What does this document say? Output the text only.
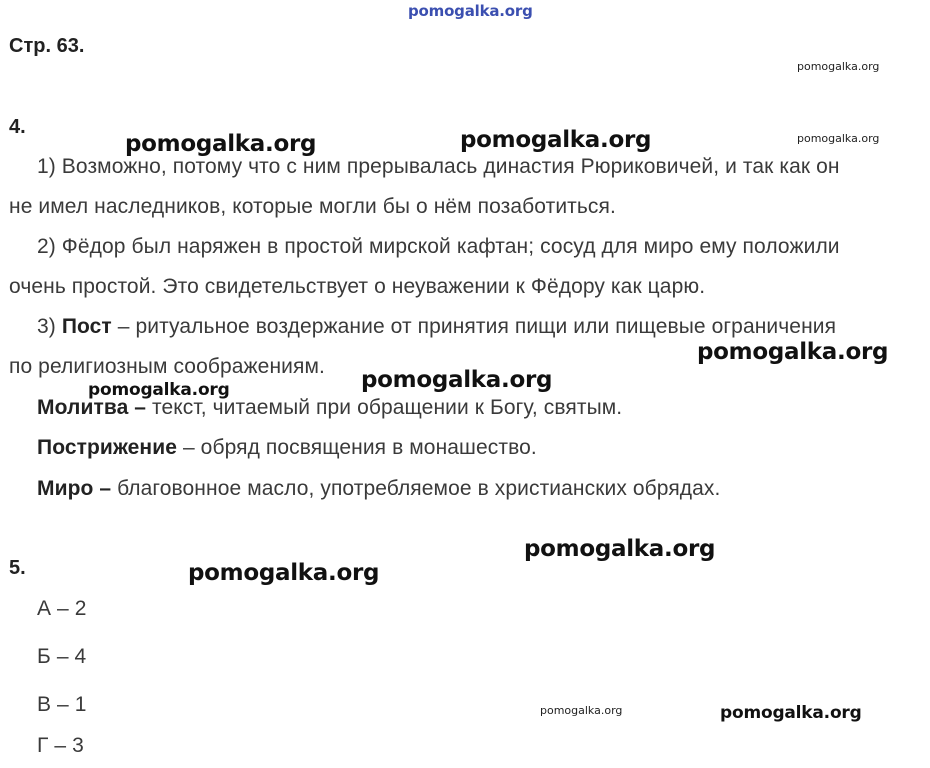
pomogalka.org
Стр. 63.
pomogalka.org
pomogalka.org
4.
1) Возможно, потому что с ним прерывалась династия Рюриковичей, и так как он
не имел наследников, которые могли бы о нём позаботиться.
2) Фёдор был наряжен в простой мирской кафтан; сосуд для миро ему положили
очень простой. Это свидетельствует о неуважении к Фёдору как царю.
3) Пост – ритуальное воздержание от принятия пищи или пищевые ограничения
по религиозным соображениям.
Молитва – текст, читаемый при обращении к Богу, святым.
Пострижение – обряд посвящения в монашество.
Миро – благовонное масло, употребляемое в христианских обрядах.
pomogalka.org	pomogalka.org
pomogalka.org
pomogalka.org
pomogalka.org
5.
А – 2
Б – 4
В – 1
Г – 3
pomogalka.org
pomogalka.org
pomogalka.org	pomogalka.org
